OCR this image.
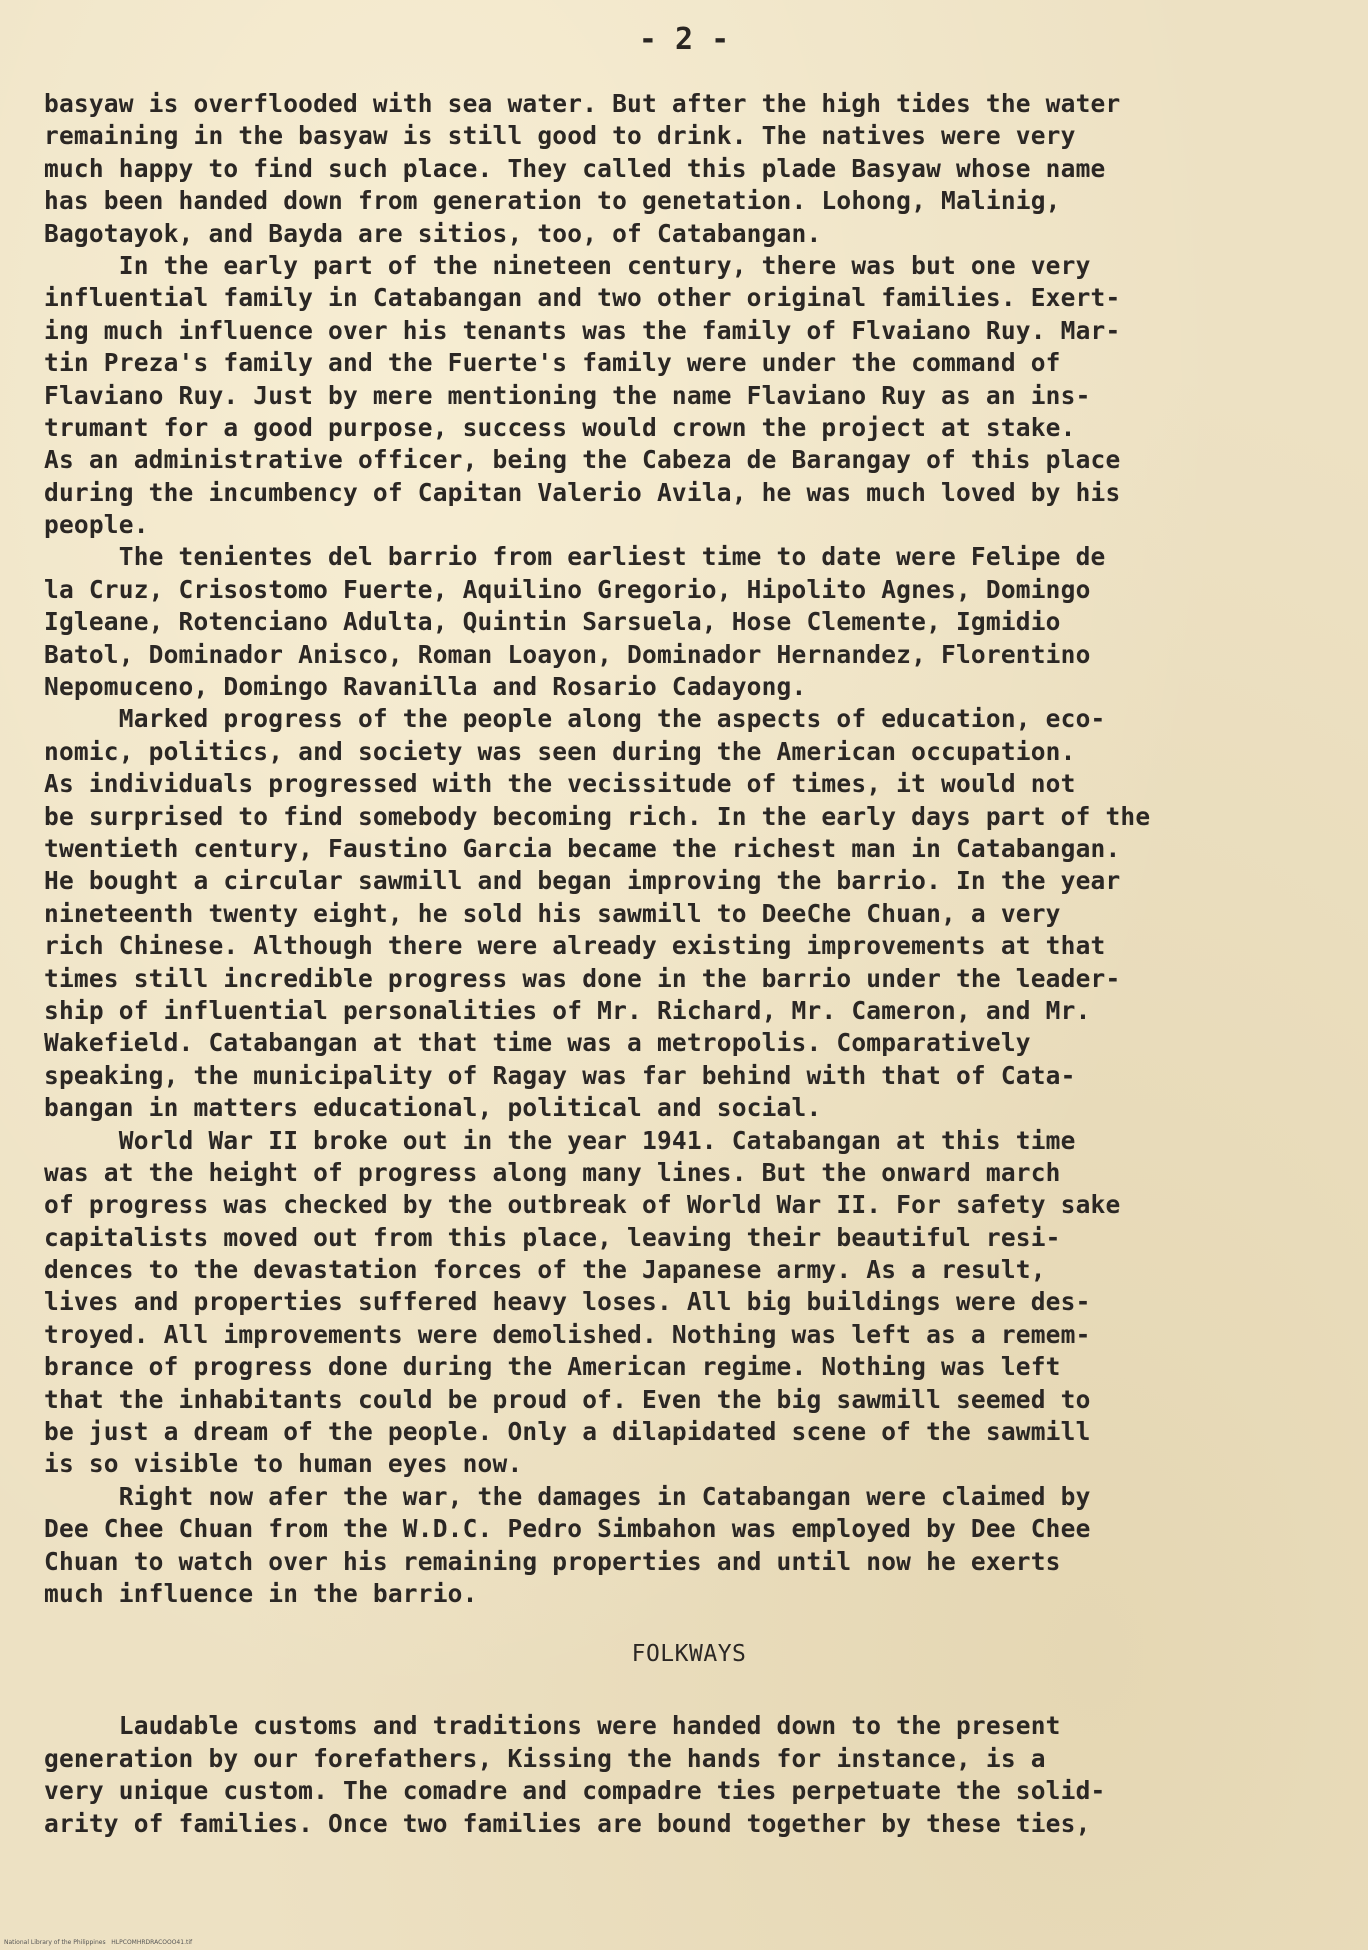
- 2 -
basyaw is overflooded with sea water. But after the high tides the water
remaining in the basyaw is still good to drink. The natives were very
much happy to find such place. They called this plade Basyaw whose name
has been handed down from generation to genetation. Lohong, Malinig,
Bagotayok, and Bayda are sitios, too, of Catabangan.
In the early part of the nineteen century, there was but one very
influential family in Catabangan and two other original families. Exert-
ing much influence over his tenants was the family of Flvaiano Ruy. Mar-
tin Preza's family and the Fuerte's family were under the command of
Flaviano Ruy. Just by mere mentioning the name Flaviano Ruy as an ins-
trumant for a good purpose, success would crown the project at stake.
As an administrative officer, being the Cabeza de Barangay of this place
during the incumbency of Capitan Valerio Avila, he was much loved by his
people.
The tenientes del barrio from earliest time to date were Felipe de
la Cruz, Crisostomo Fuerte, Aquilino Gregorio, Hipolito Agnes, Domingo
Igleane, Rotenciano Adulta, Quintin Sarsuela, Hose Clemente, Igmidio
Batol, Dominador Anisco, Roman Loayon, Dominador Hernandez, Florentino
Nepomuceno, Domingo Ravanilla and Rosario Cadayong.
Marked progress of the people along the aspects of education, eco-
nomic, politics, and society was seen during the American occupation.
As individuals progressed with the vecissitude of times, it would not
be surprised to find somebody becoming rich. In the early days part of the
twentieth century, Faustino Garcia became the richest man in Catabangan.
He bought a circular sawmill and began improving the barrio. In the year
nineteenth twenty eight, he sold his sawmill to DeeChe Chuan, a very
rich Chinese. Although there were already existing improvements at that
times still incredible progress was done in the barrio under the leader-
ship of influential personalities of Mr. Richard, Mr. Cameron, and Mr.
Wakefield. Catabangan at that time was a metropolis. Comparatively
speaking, the municipality of Ragay was far behind with that of Cata-
bangan in matters educational, political and social.
World War II broke out in the year 1941. Catabangan at this time
was at the height of progress along many lines. But the onward march
of progress was checked by the outbreak of World War II. For safety sake
capitalists moved out from this place, leaving their beautiful resi-
dences to the devastation forces of the Japanese army. As a result,
lives and properties suffered heavy loses. All big buildings were des-
troyed. All improvements were demolished. Nothing was left as a remem-
brance of progress done during the American regime. Nothing was left
that the inhabitants could be proud of. Even the big sawmill seemed to
be just a dream of the people. Only a dilapidated scene of the sawmill
is so visible to human eyes now.
Right now afer the war, the damages in Catabangan were claimed by
Dee Chee Chuan from the W.D.C. Pedro Simbahon was employed by Dee Chee
Chuan to watch over his remaining properties and until now he exerts
much influence in the barrio.
FOLKWAYS
Laudable customs and traditions were handed down to the present
generation by our forefathers, Kissing the hands for instance, is a
very unique custom. The comadre and compadre ties perpetuate the solid-
arity of families. Once two families are bound together by these ties,
National Library of the Philippines   HLPCOMHRDRACOOO41.tif
